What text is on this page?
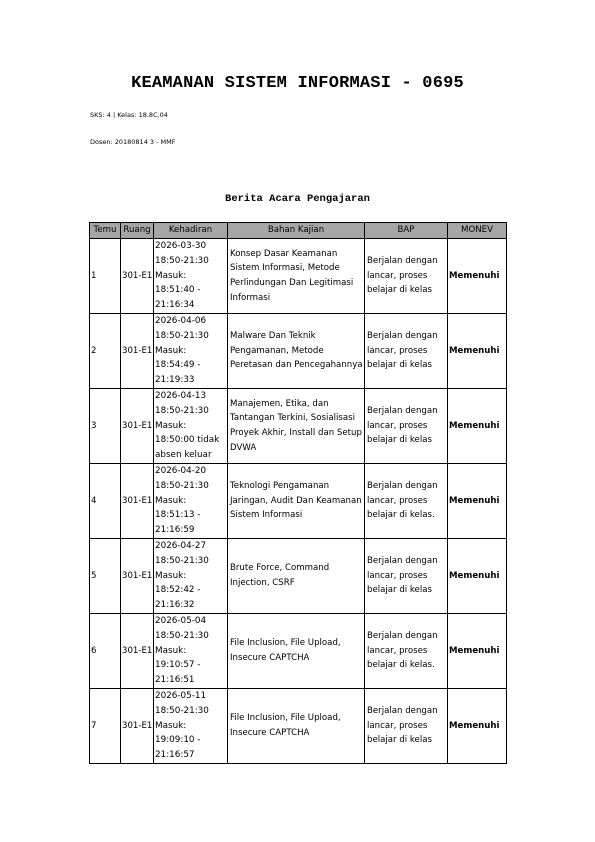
KEAMANAN SISTEM INFORMASI - 0695
SKS: 4 | Kelas: 18.8C.04
Dosen: 20180814 3 - MMF
Berita Acara Pengajaran
Temu	Ruang	Kehadiran	Bahan Kajian	BAP	MONEV
1	301-E1	2026-03-30
18:50-21:30
Masuk:
18:51:40 -
21:16:34	Konsep Dasar Keamanan Sistem Informasi, Metode Perlindungan Dan Legitimasi Informasi	Berjalan dengan lancar, proses belajar di kelas	Memenuhi
2	301-E1	2026-04-06
18:50-21:30
Masuk:
18:54:49 -
21:19:33	Malware Dan Teknik Pengamanan, Metode Peretasan dan Pencegahannya	Berjalan dengan lancar, proses belajar di kelas	Memenuhi
3	301-E1	2026-04-13
18:50-21:30
Masuk:
18:50:00 tidak
absen keluar	Manajemen, Etika, dan Tantangan Terkini, Sosialisasi Proyek Akhir, Install dan Setup DVWA	Berjalan dengan lancar, proses belajar di kelas	Memenuhi
4	301-E1	2026-04-20
18:50-21:30
Masuk:
18:51:13 -
21:16:59	Teknologi Pengamanan Jaringan, Audit Dan Keamanan Sistem Informasi	Berjalan dengan lancar, proses belajar di kelas.	Memenuhi
5	301-E1	2026-04-27
18:50-21:30
Masuk:
18:52:42 -
21:16:32	Brute Force, Command Injection, CSRF	Berjalan dengan lancar, proses belajar di kelas	Memenuhi
6	301-E1	2026-05-04
18:50-21:30
Masuk:
19:10:57 -
21:16:51	File Inclusion, File Upload, Insecure CAPTCHA	Berjalan dengan lancar, proses belajar di kelas.	Memenuhi
7	301-E1	2026-05-11
18:50-21:30
Masuk:
19:09:10 -
21:16:57	File Inclusion, File Upload, Insecure CAPTCHA	Berjalan dengan lancar, proses belajar di kelas	Memenuhi
